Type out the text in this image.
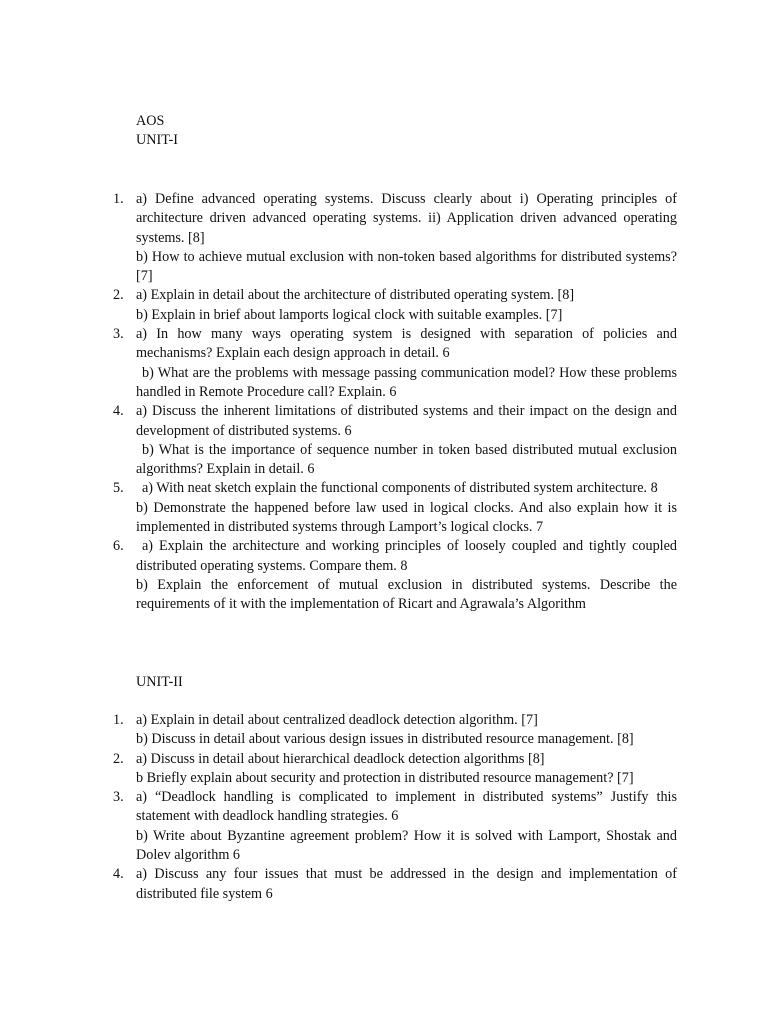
AOS
UNIT-I
1. a) Define advanced operating systems. Discuss clearly about i) Operating principles of architecture driven advanced operating systems. ii) Application driven advanced operating systems. [8]
b) How to achieve mutual exclusion with non-token based algorithms for distributed systems? [7]
2. a) Explain in detail about the architecture of distributed operating system. [8]
b) Explain in brief about lamports logical clock with suitable examples. [7]
3. a) In how many ways operating system is designed with separation of policies and mechanisms? Explain each design approach in detail. 6
b) What are the problems with message passing communication model? How these problems handled in Remote Procedure call? Explain. 6
4. a) Discuss the inherent limitations of distributed systems and their impact on the design and development of distributed systems. 6
b) What is the importance of sequence number in token based distributed mutual exclusion algorithms? Explain in detail. 6
5.	a) With neat sketch explain the functional components of distributed system architecture. 8
b) Demonstrate the happened before law used in logical clocks. And also explain how it is implemented in distributed systems through Lamport’s logical clocks. 7
6.	a) Explain the architecture and working principles of loosely coupled and tightly coupled distributed operating systems. Compare them. 8
b) Explain the enforcement of mutual exclusion in distributed systems. Describe the requirements of it with the implementation of Ricart and Agrawala’s Algorithm
UNIT-II
1. a) Explain in detail about centralized deadlock detection algorithm. [7]
b) Discuss in detail about various design issues in distributed resource management. [8]
2. a) Discuss in detail about hierarchical deadlock detection algorithms [8]
b Briefly explain about security and protection in distributed resource management? [7]
3. a) “Deadlock handling is complicated to implement in distributed systems” Justify this statement with deadlock handling strategies. 6
b) Write about Byzantine agreement problem? How it is solved with Lamport, Shostak and Dolev algorithm 6
4. a) Discuss any four issues that must be addressed in the design and implementation of distributed file system 6
